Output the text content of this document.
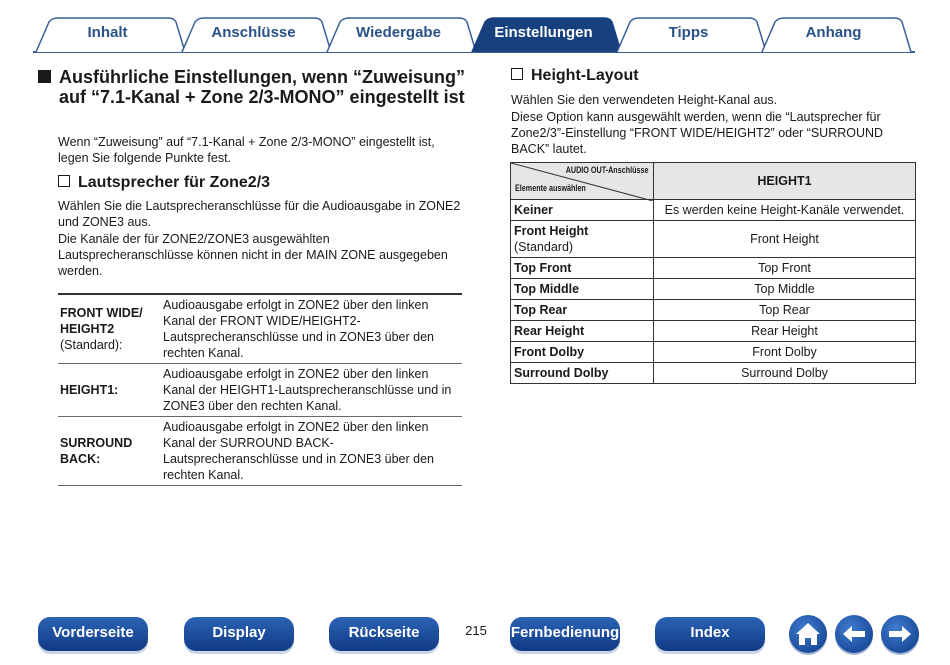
Inhalt	Anschlüsse	Wiedergabe	Einstellungen	Tipps	Anhang
Ausführliche Einstellungen, wenn “Zuweisung” auf “7.1-Kanal + Zone 2/3-MONO” eingestellt ist
Wenn “Zuweisung” auf “7.1-Kanal + Zone 2/3-MONO” eingestellt ist, legen Sie folgende Punkte fest.
Lautsprecher für Zone2/3
Wählen Sie die Lautsprecheranschlüsse für die Audioausgabe in ZONE2 und ZONE3 aus.
Die Kanäle der für ZONE2/ZONE3 ausgewählten Lautsprecheranschlüsse können nicht in der MAIN ZONE ausgegeben werden.
FRONT WIDE/ HEIGHT2
(Standard):	Audioausgabe erfolgt in ZONE2 über den linken Kanal der FRONT WIDE/HEIGHT2-Lautsprecheranschlüsse und in ZONE3 über den rechten Kanal.

HEIGHT1:	Audioausgabe erfolgt in ZONE2 über den linken Kanal der HEIGHT1-Lautsprecheranschlüsse und in ZONE3 über den rechten Kanal.

SURROUND BACK:	Audioausgabe erfolgt in ZONE2 über den linken Kanal der SURROUND BACK-Lautsprecheranschlüsse und in ZONE3 über den rechten Kanal.
Height-Layout
Wählen Sie den verwendeten Height-Kanal aus.
Diese Option kann ausgewählt werden, wenn die “Lautsprecher für Zone2/3”-Einstellung “FRONT WIDE/HEIGHT2” oder “SURROUND BACK” lautet.
AUDIO OUT-Anschlüsse
Elemente auswählen	HEIGHT1
Keiner	Es werden keine Height-Kanäle verwendet.
Front Height
(Standard)	Front Height
Top Front	Top Front
Top Middle	Top Middle
Top Rear	Top Rear
Rear Height	Rear Height
Front Dolby	Front Dolby
Surround Dolby	Surround Dolby
Vorderseite	Display	Rückseite	215 Fernbedienung	Index
